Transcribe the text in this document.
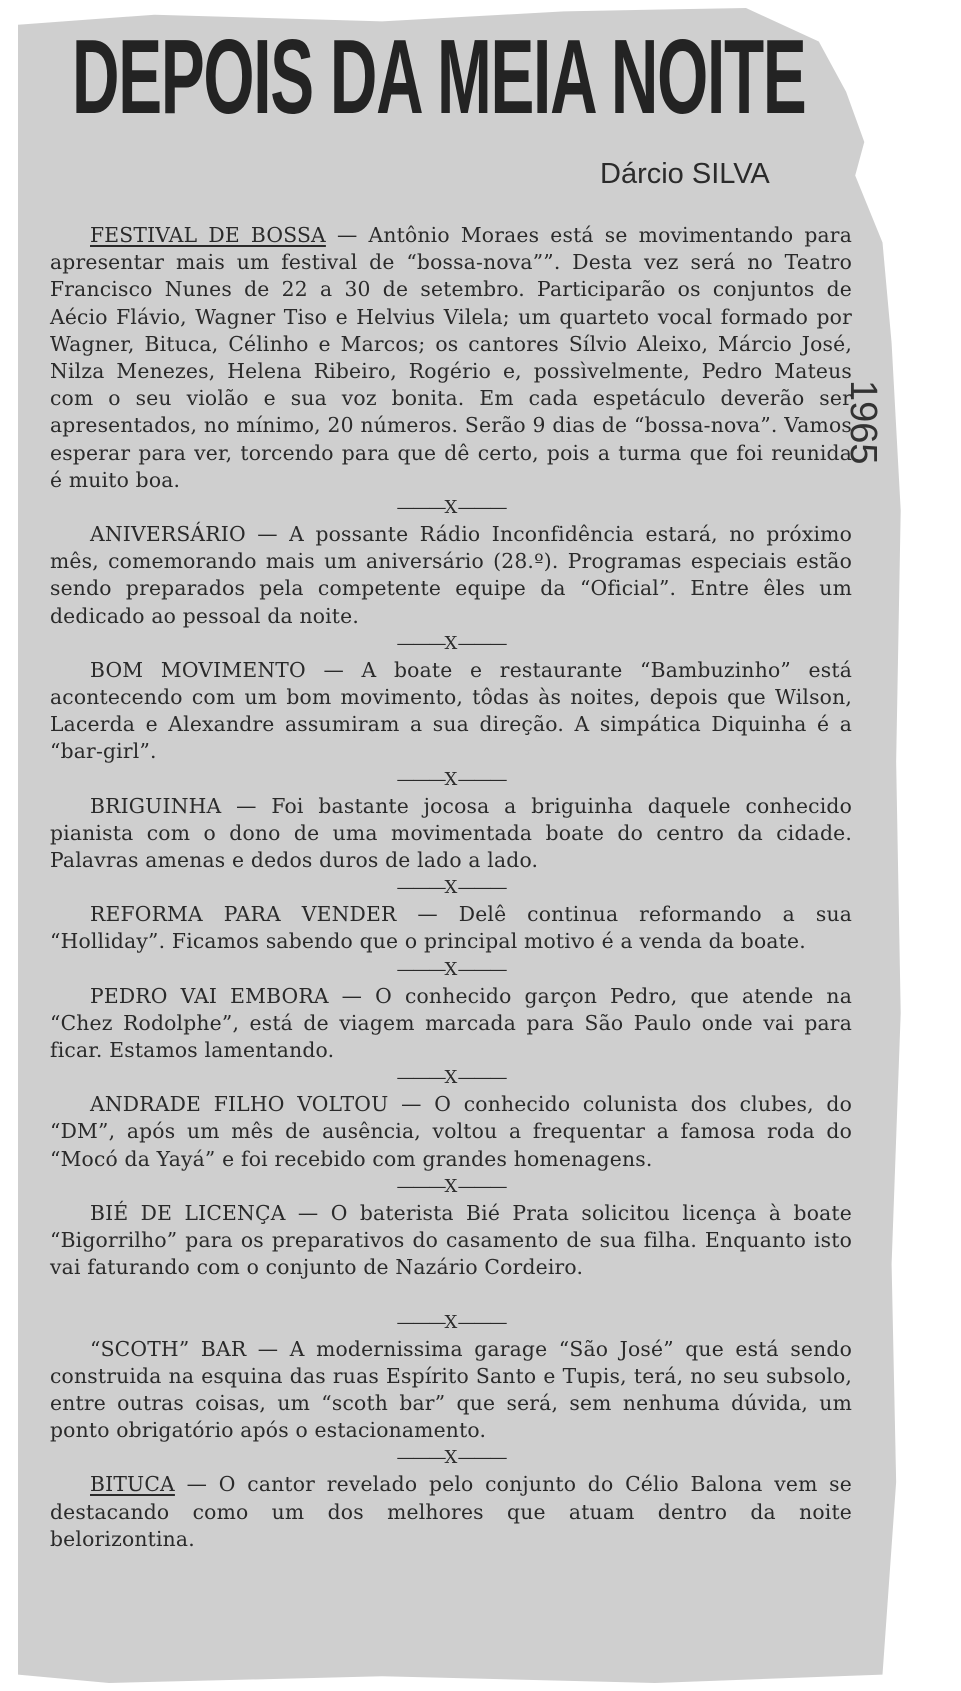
DEPOIS DA MEIA NOITE
Dárcio SILVA
1965

FESTIVAL DE BOSSA — Antônio Moraes está se movimentando para apresentar mais um festival de “bossa-nova””. Desta vez será no Teatro Francisco Nunes de 22 a 30 de setembro. Participarão os conjuntos de Aécio Flávio, Wagner Tiso e Helvius Vilela; um quarteto vocal formado por Wagner, Bituca, Célinho e Marcos; os cantores Sílvio Aleixo, Márcio José, Nilza Menezes, Helena Ribeiro, Rogério e, possìvelmente, Pedro Mateus com o seu violão e sua voz bonita. Em cada espetáculo deverão ser apresentados, no mínimo, 20 números. Serão 9 dias de “bossa-nova”. Vamos esperar para ver, torcendo para que dê certo, pois a turma que foi reunida é muito boa.

——— X ———

ANIVERSÁRIO — A possante Rádio Inconfidência estará, no próximo mês, comemorando mais um aniversário (28.º). Programas especiais estão sendo preparados pela competente equipe da “Oficial”. Entre êles um dedicado ao pessoal da noite.

——— X ———

BOM MOVIMENTO — A boate e restaurante “Bambuzinho” está acontecendo com um bom movimento, tôdas às noites, depois que Wilson, Lacerda e Alexandre assumiram a sua direção. A simpática Diquinha é a “bar-girl”.

——— X ———

BRIGUINHA — Foi bastante jocosa a briguinha daquele conhecido pianista com o dono de uma movimentada boate do centro da cidade. Palavras amenas e dedos duros de lado a lado.

——— X ———

REFORMA PARA VENDER — Delê continua reformando a sua “Holliday”. Ficamos sabendo que o principal motivo é a venda da boate.

——— X ———

PEDRO VAI EMBORA — O conhecido garçon Pedro, que atende na “Chez Rodolphe”, está de viagem marcada para São Paulo onde vai para ficar. Estamos lamentando.

——— X ———

ANDRADE FILHO VOLTOU — O conhecido colunista dos clubes, do “DM”, após um mês de ausência, voltou a frequentar a famosa roda do “Mocó da Yayá” e foi recebido com grandes homenagens.

——— X ———

BIÉ DE LICENÇA — O baterista Bié Prata solicitou licença à boate “Bigorrilho” para os preparativos do casamento de sua filha. Enquanto isto vai faturando com o conjunto de Nazário Cordeiro.

——— X ———

“SCOTH” BAR — A modernissima garage “São José” que está sendo construida na esquina das ruas Espírito Santo e Tupis, terá, no seu subsolo, entre outras coisas, um “scoth bar” que será, sem nenhuma dúvida, um ponto obrigatório após o estacionamento.

——— X ———

BITUCA — O cantor revelado pelo conjunto do Célio Balona vem se destacando como um dos melhores que atuam dentro da noite belorizontina.
